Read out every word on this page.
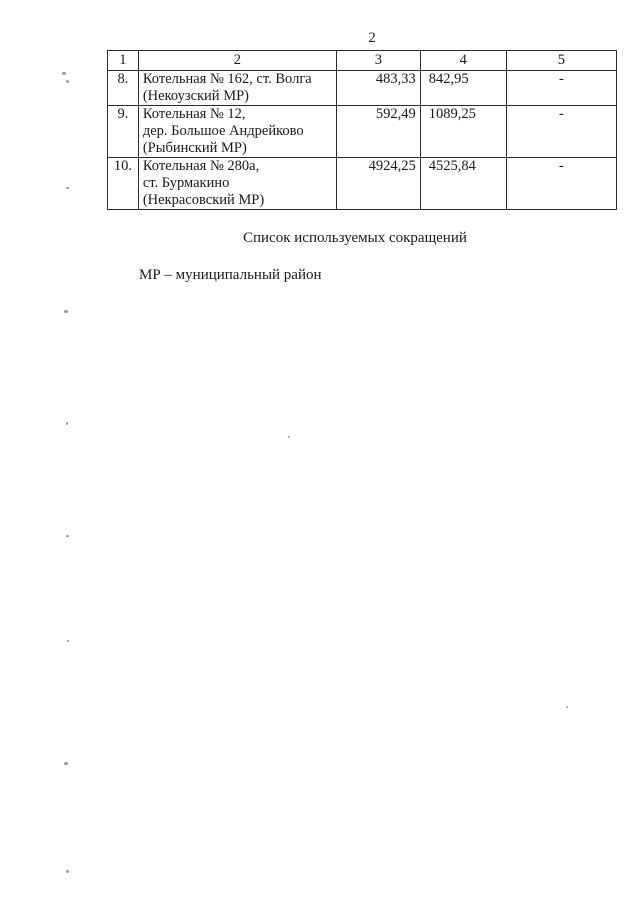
2
1	2	3	4	5
8.	Котельная № 162, ст. Волга
(Некоузский МР)	483,33	842,95	-
9.	Котельная № 12,
дер. Большое Андрейково
(Рыбинский МР)	592,49	1089,25	-
10.	Котельная № 280а,
ст. Бурмакино
(Некрасовский МР)	4924,25	4525,84	-
Список используемых сокращений
МР – муниципальный район
